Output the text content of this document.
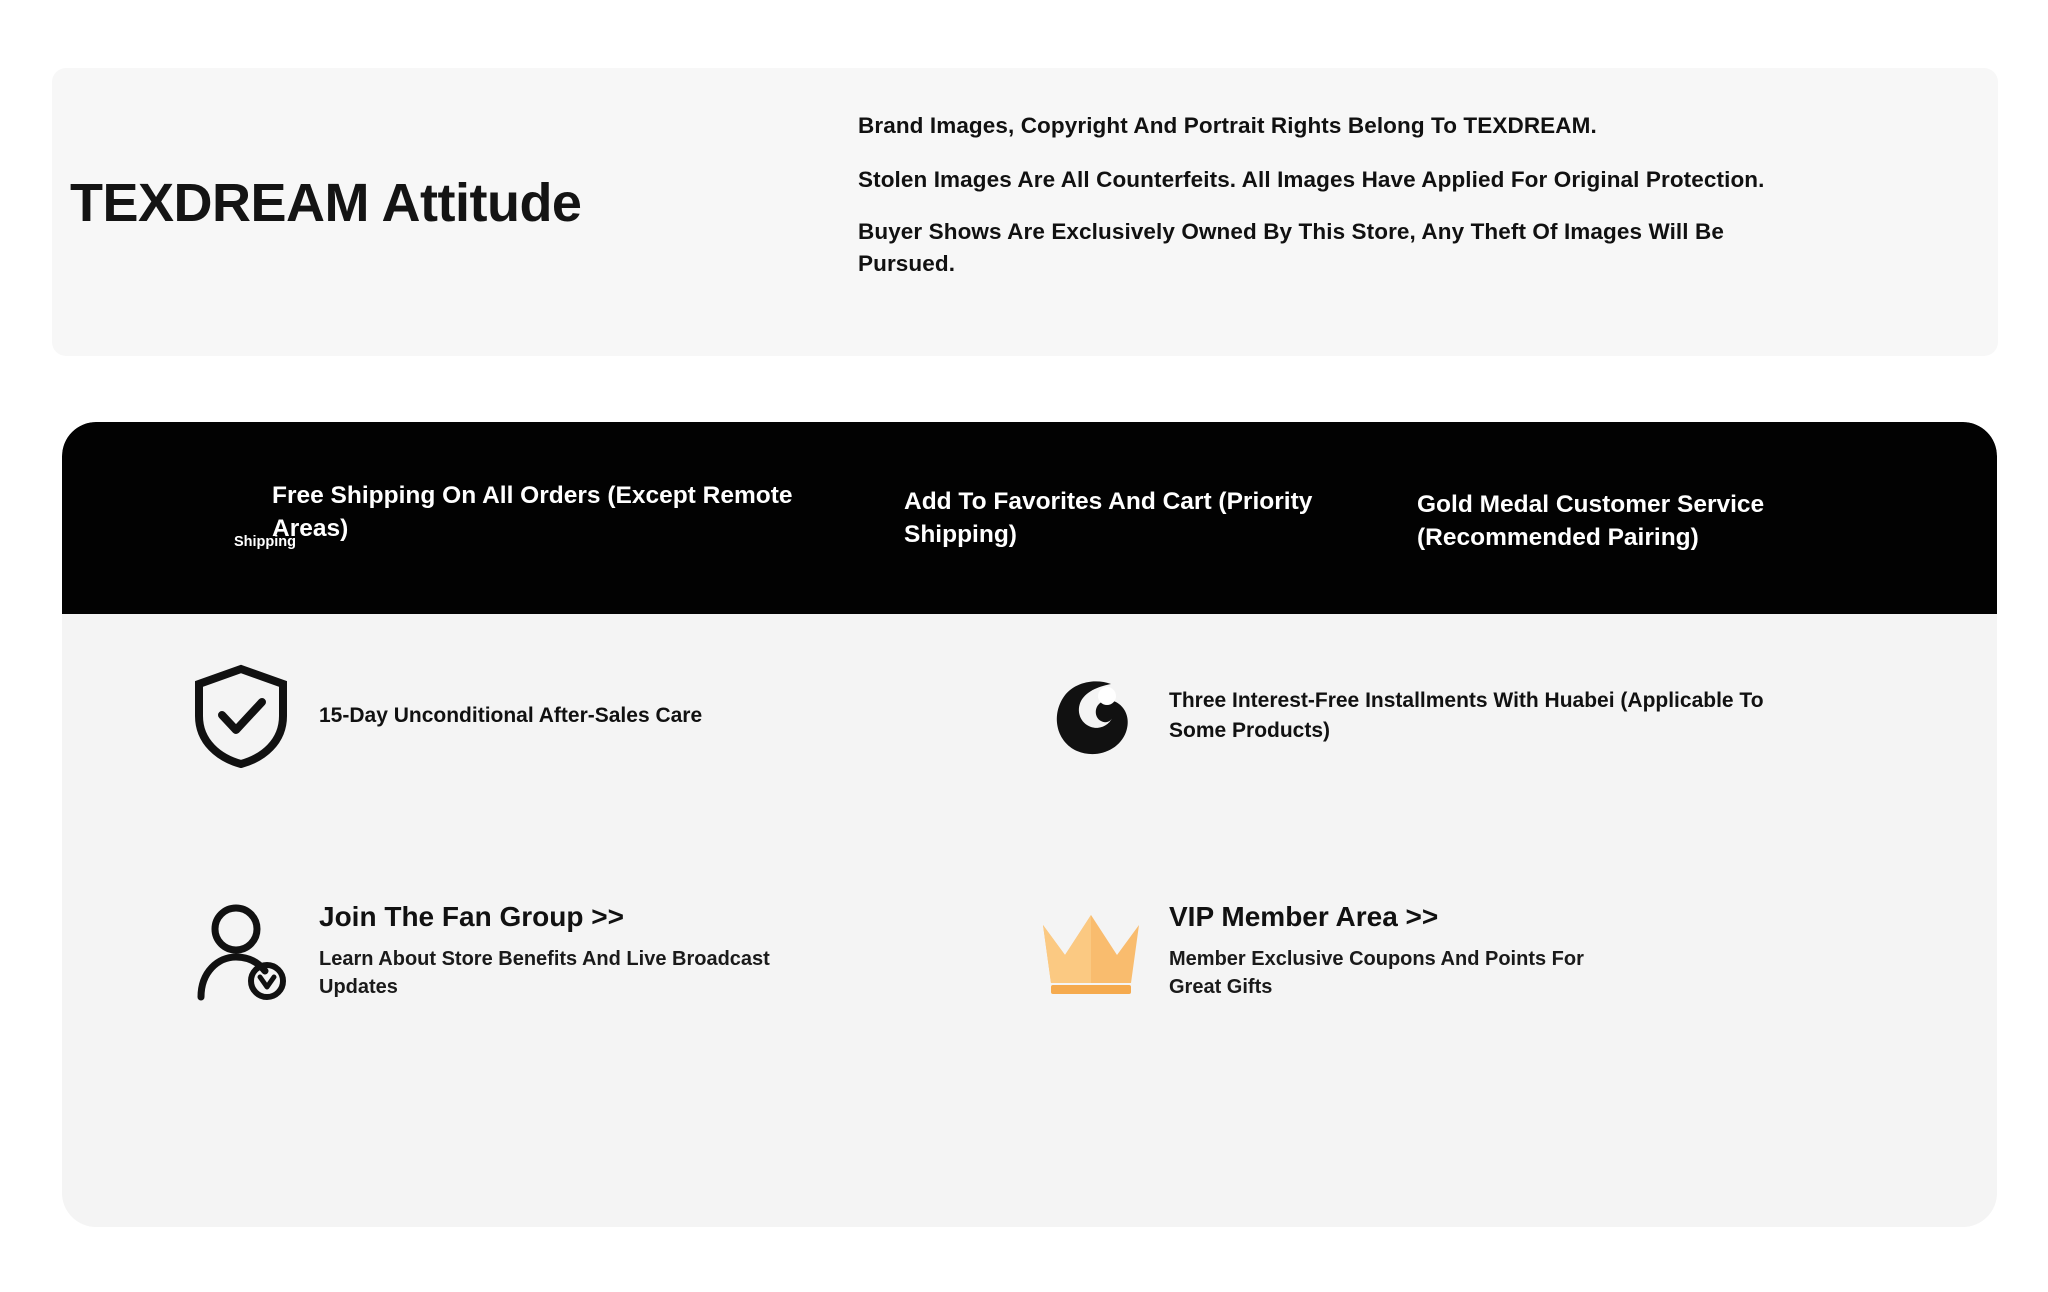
TEXDREAM Attitude
Brand Images, Copyright And Portrait Rights Belong To TEXDREAM.
Stolen Images Are All Counterfeits. All Images Have Applied For Original Protection.
Buyer Shows Are Exclusively Owned By This Store, Any Theft Of Images Will Be Pursued.
Shipping
Free Shipping On All Orders (Except Remote Areas)
Add To Favorites And Cart (Priority Shipping)
Gold Medal Customer Service (Recommended Pairing)
15-Day Unconditional After-Sales Care
Three Interest-Free Installments With Huabei (Applicable To Some Products)
Join The Fan Group >>
Learn About Store Benefits And Live Broadcast Updates
VIP Member Area >>
Member Exclusive Coupons And Points For Great Gifts
